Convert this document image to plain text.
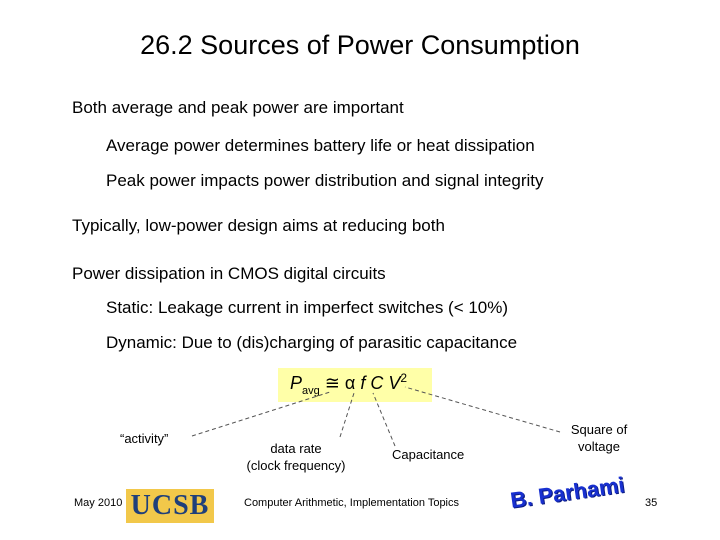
26.2 Sources of Power Consumption
Both average and peak power are important
Average power determines battery life or heat dissipation
Peak power impacts power distribution and signal integrity
Typically, low-power design aims at reducing both
Power dissipation in CMOS digital circuits
Static: Leakage current in imperfect switches (< 10%)
Dynamic: Due to (dis)charging of parasitic capacitance
$P_{avg}$ ≅ α f C $V^2$
“activity”
data rate
(clock frequency)
Capacitance
Square of
voltage
May 2010 UCSB	Computer Arithmetic, Implementation Topics B. Parhami 35
